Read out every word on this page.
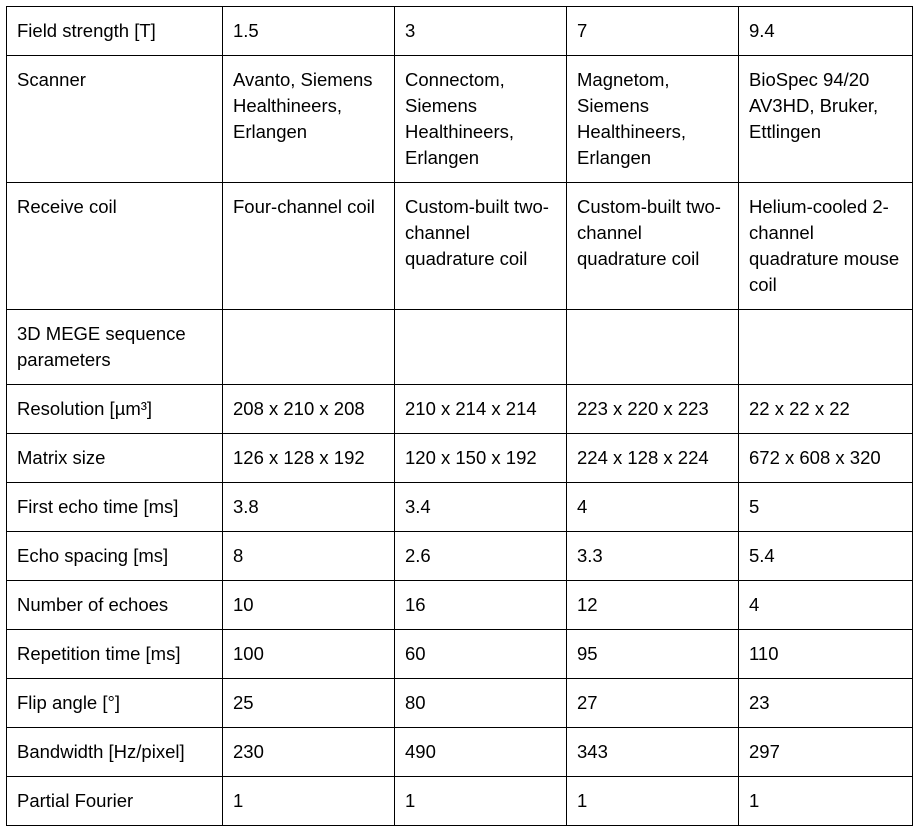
Field strength [T]	1.5	3	7	9.4
Scanner	Avanto, Siemens Healthineers, Erlangen	Connectom, Siemens Healthineers, Erlangen	Magnetom, Siemens Healthineers, Erlangen	BioSpec 94/20 AV3HD, Bruker, Ettlingen
Receive coil	Four-channel coil	Custom-built two-channel quadrature coil	Custom-built two-channel quadrature coil	Helium-cooled 2-channel quadrature mouse coil
3D MEGE sequence parameters				
Resolution [µm³]	208 x 210 x 208	210 x 214 x 214	223 x 220 x 223	22 x 22 x 22
Matrix size	126 x 128 x 192	120 x 150 x 192	224 x 128 x 224	672 x 608 x 320
First echo time [ms]	3.8	3.4	4	5
Echo spacing [ms]	8	2.6	3.3	5.4
Number of echoes	10	16	12	4
Repetition time [ms]	100	60	95	110
Flip angle [°]	25	80	27	23
Bandwidth [Hz/pixel]	230	490	343	297
Partial Fourier	1	1	1	1
